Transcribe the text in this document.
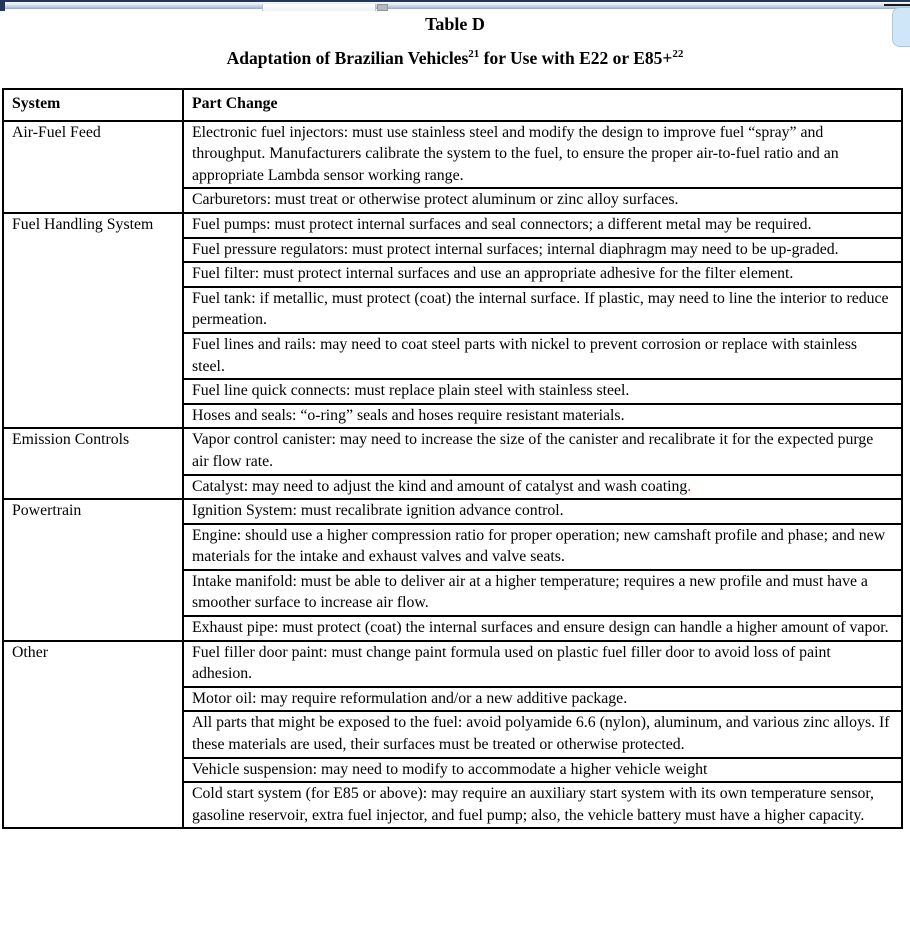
Table D
Adaptation of Brazilian Vehicles$^{21}$ for Use with E22 or E85+$^{22}$
System	Part Change
Air-Fuel Feed	Electronic fuel injectors: must use stainless steel and modify the design to improve fuel “spray” and throughput. Manufacturers calibrate the system to the fuel, to ensure the proper air-to-fuel ratio and an appropriate Lambda sensor working range.
	Carburetors: must treat or otherwise protect aluminum or zinc alloy surfaces.
Fuel Handling System	Fuel pumps: must protect internal surfaces and seal connectors; a different metal may be required.
	Fuel pressure regulators: must protect internal surfaces; internal diaphragm may need to be up-graded.
	Fuel filter: must protect internal surfaces and use an appropriate adhesive for the filter element.
	Fuel tank: if metallic, must protect (coat) the internal surface. If plastic, may need to line the interior to reduce permeation.
	Fuel lines and rails: may need to coat steel parts with nickel to prevent corrosion or replace with stainless steel.
	Fuel line quick connects: must replace plain steel with stainless steel.
	Hoses and seals: “o-ring” seals and hoses require resistant materials.
Emission Controls	Vapor control canister: may need to increase the size of the canister and recalibrate it for the expected purge air flow rate.
	Catalyst: may need to adjust the kind and amount of catalyst and wash coating.
Powertrain	Ignition System: must recalibrate ignition advance control.
	Engine: should use a higher compression ratio for proper operation; new camshaft profile and phase; and new materials for the intake and exhaust valves and valve seats.
	Intake manifold: must be able to deliver air at a higher temperature; requires a new profile and must have a smoother surface to increase air flow.
	Exhaust pipe: must protect (coat) the internal surfaces and ensure design can handle a higher amount of vapor.
Other	Fuel filler door paint: must change paint formula used on plastic fuel filler door to avoid loss of paint adhesion.
	Motor oil: may require reformulation and/or a new additive package.
	All parts that might be exposed to the fuel: avoid polyamide 6.6 (nylon), aluminum, and various zinc alloys. If these materials are used, their surfaces must be treated or otherwise protected.
	Vehicle suspension: may need to modify to accommodate a higher vehicle weight
	Cold start system (for E85 or above): may require an auxiliary start system with its own temperature sensor, gasoline reservoir, extra fuel injector, and fuel pump; also, the vehicle battery must have a higher capacity.
